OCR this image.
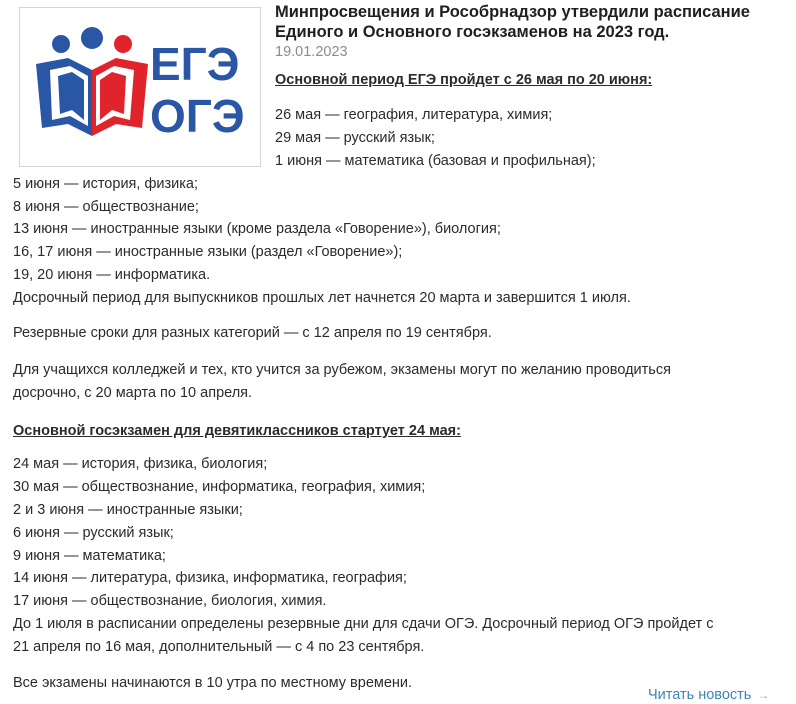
ЕГЭ
ОГЭ
Минпросвещения и Рособрнадзор утвердили расписание
Единого и Основного госэкзаменов на 2023 год.
19.01.2023
Основной период ЕГЭ пройдет с 26 мая по 20 июня:
26 мая — география, литература, химия;
29 мая — русский язык;
1 июня — математика (базовая и профильная);
5 июня — история, физика;
8 июня — обществознание;
13 июня — иностранные языки (кроме раздела «Говорение»), биология;
16, 17 июня — иностранные языки (раздел «Говорение»);
19, 20 июня — информатика.
Досрочный период для выпускников прошлых лет начнется 20 марта и завершится 1 июля.
Резервные сроки для разных категорий — с 12 апреля по 19 сентября.
Для учащихся колледжей и тех, кто учится за рубежом, экзамены могут по желанию проводиться
досрочно, с 20 марта по 10 апреля.
Основной госэкзамен для девятиклассников стартует 24 мая:
24 мая — история, физика, биология;
30 мая — обществознание, информатика, география, химия;
2 и 3 июня — иностранные языки;
6 июня — русский язык;
9 июня — математика;
14 июня — литература, физика, информатика, география;
17 июня — обществознание, биология, химия.
До 1 июля в расписании определены резервные дни для сдачи ОГЭ. Досрочный период ОГЭ пройдет с
21 апреля по 16 мая, дополнительный — с 4 по 23 сентября.
Все экзамены начинаются в 10 утра по местному времени.
Читать новость →
